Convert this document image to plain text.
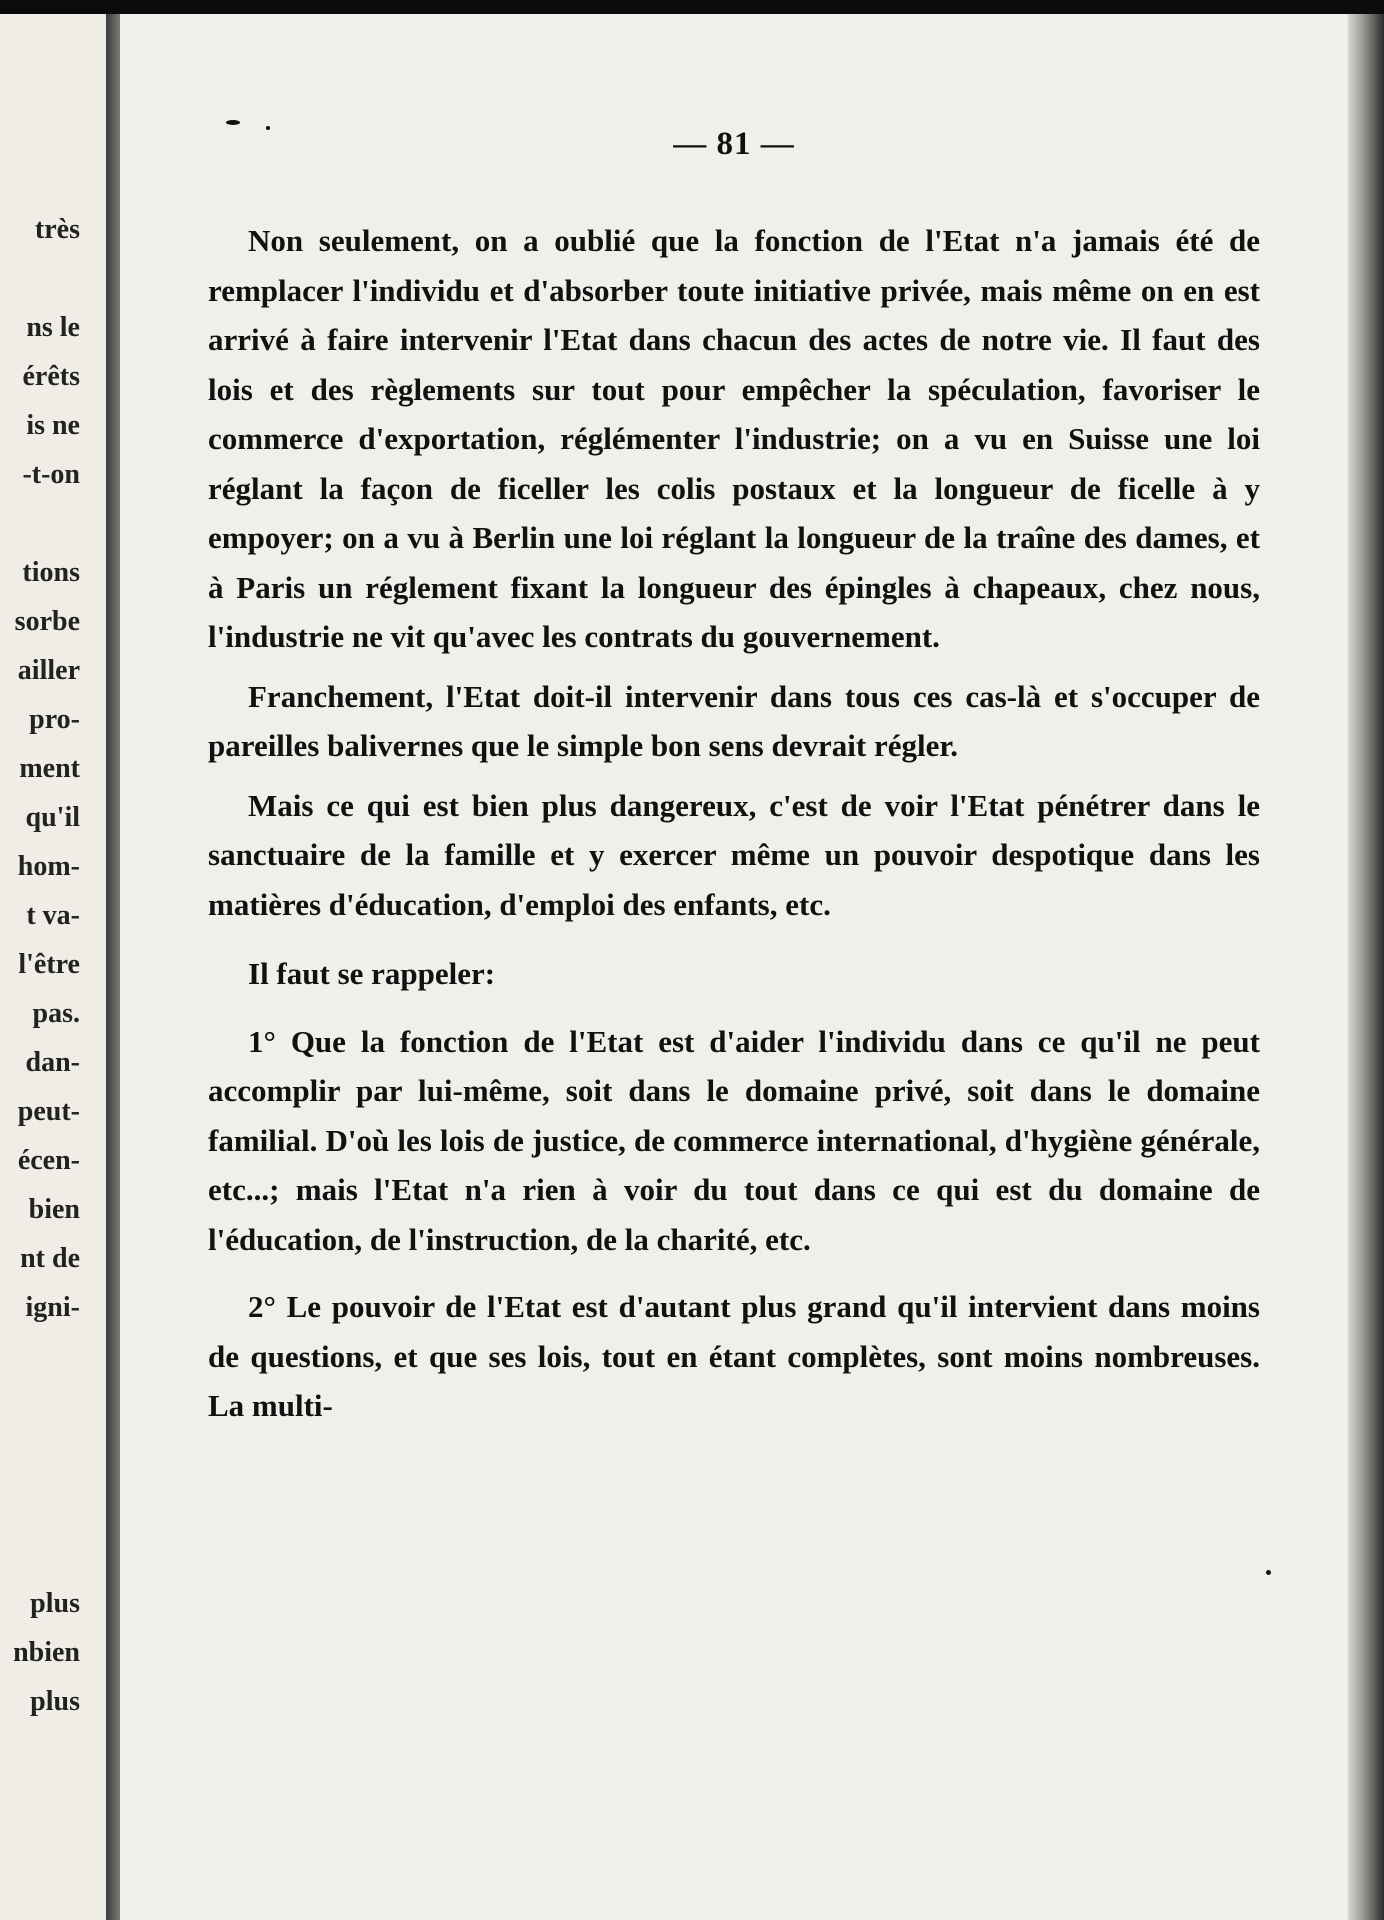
très
ns le
érêts
is ne
-t-on
tions
sorbe
ailler
pro-
ment
qu'il
hom-
t va-
l'être
pas.
dan-
peut-
écen-
bien
nt de
igni-
plus
nbien
plus
— 81 —

Non seulement, on a oublié que la fonction de l'Etat n'a jamais été de remplacer l'individu et d'absorber toute initiative privée, mais même on en est arrivé à faire intervenir l'Etat dans chacun des actes de notre vie. Il faut des lois et des règlements sur tout pour empêcher la spéculation, favoriser le commerce d'exportation, réglémenter l'industrie; on a vu en Suisse une loi réglant la façon de ficeller les colis postaux et la longueur de ficelle à y empoyer; on a vu à Berlin une loi réglant la longueur de la traîne des dames, et à Paris un réglement fixant la longueur des épingles à chapeaux, chez nous, l'industrie ne vit qu'avec les contrats du gouvernement.

Franchement, l'Etat doit-il intervenir dans tous ces cas-là et s'occuper de pareilles balivernes que le simple bon sens devrait régler.

Mais ce qui est bien plus dangereux, c'est de voir l'Etat pénétrer dans le sanctuaire de la famille et y exercer même un pouvoir despotique dans les matières d'éducation, d'emploi des enfants, etc.

Il faut se rappeler:

1° Que la fonction de l'Etat est d'aider l'individu dans ce qu'il ne peut accomplir par lui-même, soit dans le domaine privé, soit dans le domaine familial. D'où les lois de justice, de commerce international, d'hygiène générale, etc...; mais l'Etat n'a rien à voir du tout dans ce qui est du domaine de l'éducation, de l'instruction, de la charité, etc.

2° Le pouvoir de l'Etat est d'autant plus grand qu'il intervient dans moins de questions, et que ses lois, tout en étant complètes, sont moins nombreuses. La multi-
